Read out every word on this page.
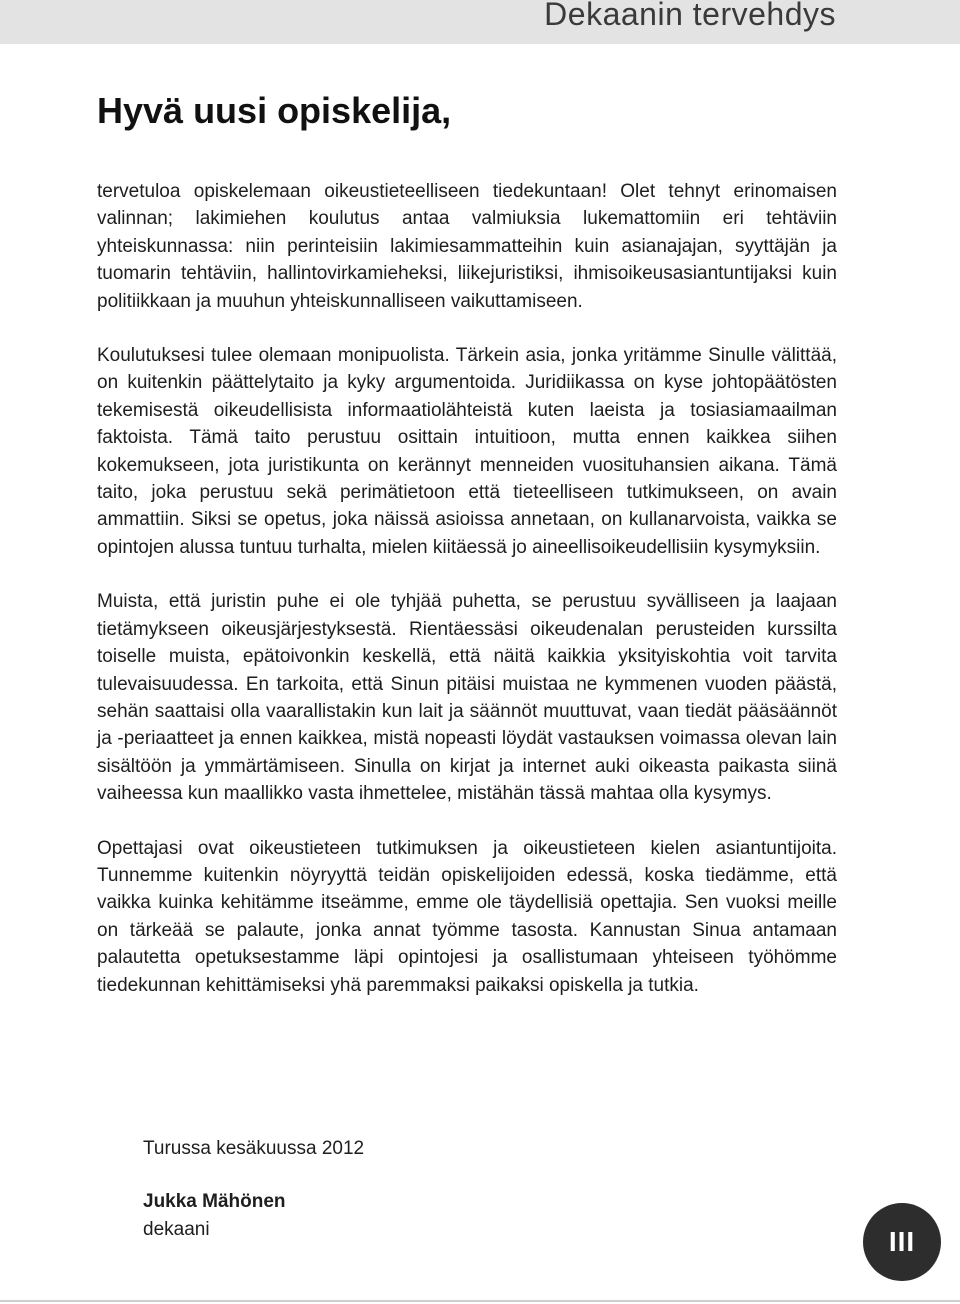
Dekaanin tervehdys
Hyvä uusi opiskelija,

tervetuloa opiskelemaan oikeustieteelliseen tiedekuntaan! Olet tehnyt erinomaisen valinnan; lakimiehen koulutus antaa valmiuksia lukemattomiin eri tehtäviin yhteiskunnassa: niin perinteisiin lakimiesammatteihin kuin asianajajan, syyttäjän ja tuomarin tehtäviin, hallintovirkamieheksi, liikejuristiksi, ihmisoikeusasiantuntijaksi kuin politiikkaan ja muuhun yhteiskunnalliseen vaikuttamiseen.

Koulutuksesi tulee olemaan monipuolista. Tärkein asia, jonka yritämme Sinulle välittää, on kuitenkin päättelytaito ja kyky argumentoida. Juridiikassa on kyse johtopäätösten tekemisestä oikeudellisista informaatiolähteistä kuten laeista ja tosiasiamaailman faktoista. Tämä taito perustuu osittain intuitioon, mutta ennen kaikkea siihen kokemukseen, jota juristikunta on kerännyt menneiden vuosituhansien aikana. Tämä taito, joka perustuu sekä perimätietoon että tieteelliseen tutkimukseen, on avain ammattiin. Siksi se opetus, joka näissä asioissa annetaan, on kullanarvoista, vaikka se opintojen alussa tuntuu turhalta, mielen kiitäessä jo aineellisoikeudellisiin kysymyksiin.

Muista, että juristin puhe ei ole tyhjää puhetta, se perustuu syvälliseen ja laajaan tietämykseen oikeusjärjestyksestä. Rientäessäsi oikeudenalan perusteiden kurssilta toiselle muista, epätoivonkin keskellä, että näitä kaikkia yksityiskohtia voit tarvita tulevaisuudessa. En tarkoita, että Sinun pitäisi muistaa ne kymmenen vuoden päästä, sehän saattaisi olla vaarallistakin kun lait ja säännöt muuttuvat, vaan tiedät pääsäännöt ja -periaatteet ja ennen kaikkea, mistä nopeasti löydät vastauksen voimassa olevan lain sisältöön ja ymmärtämiseen. Sinulla on kirjat ja internet auki oikeasta paikasta siinä vaiheessa kun maallikko vasta ihmettelee, mistähän tässä mahtaa olla kysymys.

Opettajasi ovat oikeustieteen tutkimuksen ja oikeustieteen kielen asiantuntijoita. Tunnemme kuitenkin nöyryyttä teidän opiskelijoiden edessä, koska tiedämme, että vaikka kuinka kehitämme itseämme, emme ole täydellisiä opettajia. Sen vuoksi meille on tärkeää se palaute, jonka annat työmme tasosta. Kannustan Sinua antamaan palautetta opetuksestamme läpi opintojesi ja osallistumaan yhteiseen työhömme tiedekunnan kehittämiseksi yhä paremmaksi paikaksi opiskella ja tutkia.

Turussa kesäkuussa 2012
Jukka Mähönen
dekaani	III
